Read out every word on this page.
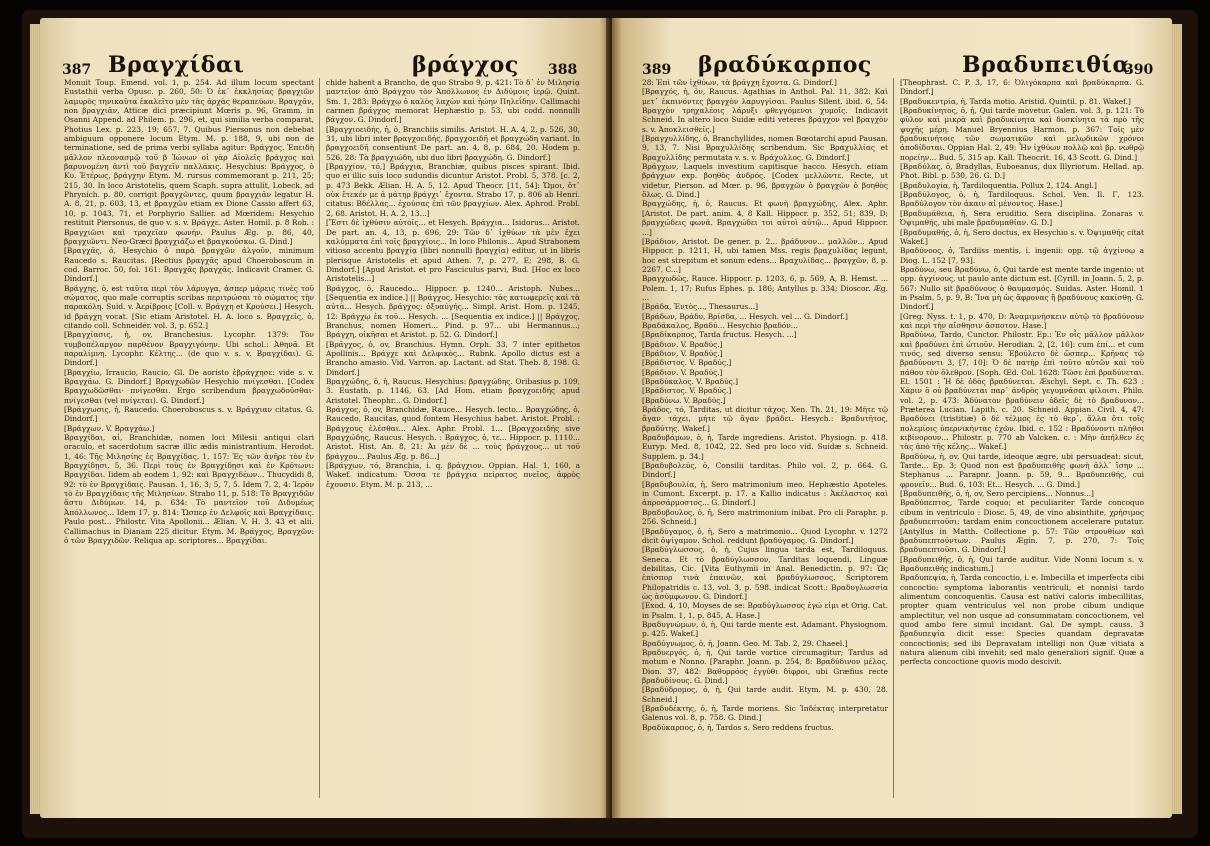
387 Βραγχίδαι	βράγχος 388
Monuit Toup. Emend. vol. 1, p. 254. Ad illum locum spectant Eustathii verba Opusc. p. 260, 50: Ὁ ἐκ᾽ ἐκκλησίας βραγχιῶν λαμυρὸς τηνικαῦτα ἐκαλεῖτο μὲν τὰς ἀρχὰς θεραπεύων. Βραγχᾶν, non βραγχιᾶν, Atticæ dici præcipiunt Mœris p. 96, Gramm. in Osanni Append. ad Philem. p. 296, et, qui similia verba comparat, Photius Lex. p. 223, 19; 657, 7. Quibus Piersonus non debebat ambiguum opponere locum Etym. M. p. 188, 9, ubi non de terminatione, sed de prima verbi syllaba agitur: Βράγχος. Ἐπειδὴ μᾶλλον πλεονασμῷ τοῦ β Ἰώνων οἱ γὰρ Αἰολεῖς βράγχος καὶ βαρυνομένη ἀντὶ τοῦ βαγχεῖν παλλάκις. Hesychius: Βράγχος, ὁ Κυ. Ἐτέρως, βράγχην Εtym. M. rursus commemorant p. 211, 25; 215, 30. In loco Aristotelis, quem Scaph. supra attulit, Lobeck. ad Phrynich. p. 80, corrigit βραγχῶντες, quum βραγχιᾶν legatur H. A. 8, 21, p. 603, 13, et βραγχῶν etiam ex Dione Cassio affert 63, 10, p. 1043, 71, et Porphyrio Sallier. ad Mœridem: Hesychio restituit Piersonus, de quo v. s. v. Βράγχε. Aster. Homil. p. 8 Rob. : Βραγχιῶσι καὶ τραχεῖαν φωνήν. Paulus Æg. p. 86, 40, βραγχιῶντι. Neo-Græci βραγχιάζω et βραγκούσκω. G. Dind.]
[Βραγχᾶς, ὁ, Hesychio ὁ παρὰ βραγχῶν ἀλγοῦν, minimum Raucedo s. Raucitas. [Rectius βραγχᾶς apud Choeroboscum in cod. Barroc. 50, fol. 161: Βραγχᾶς βραγχᾶς. Indicavit Cramer. G. Dindorf.]
Βράγχης, ὁ, est ταῦτα περὶ τὸν λάρυγγα, ἀσπερ μάρεις τινὲς τοῦ σώματος, quo male corruptis scribas περιτρώσαι τὸ σώματος τὴν παρακόλη. Suid. v. Ἀερίβροις [Coll. v. Βράγχη et Κρούσει.] Hesych. id βράγχη vocat. [Sic etiam Aristotel. H. A. loco s. Βραγχεῖς, ὁ, citando coll. Schneidér. vol. 3, p. 652.]
[Βραγχίασις, ἡ, ov, Branchesius. Lycophr. 1379: Τὸν τυμβοπέλαργον παρθένον Βραγχιγόνην. Ubi schol.: Ἀθηνᾶ. Et παραλίμνη. Lycophr. Κέλτης... (de quo v. s. v. Βραγχίδαι). G. Dindorf.]
[Βραγχίω, Irraucio, Raucio, Gl. De aoristo ἐβράγχησε: vide s. v. Βραγχάω. G. Dindorf.] Βραγχωδῶν Hesychio πνίγεσθαι. [Codex Βραγχωδῶσθαι· πνίγεσθαι. Ergo scribendum βραγχωδοῦσθαι· πνίγεσθαι (vel πνίγεται). G. Dindorf.]
[Βράγχωσις, ἡ, Raucedo. Choeroboscus s. v. Βράγχιαν citatus. G. Dindorf.]
[Βράγχων. V. Βραγχάω.]
Βραγχίδαι, αἱ, Branchidæ, nomen loci Milesii antiqui clari oraculo, et sacerdotum sacræ illic ædis ministrantium. Herodot. 1, 46: Τῆς Μιλησίης ἐς Βραγχίδας. 1, 157: Ἐς τῶν ἀνῆρε τὸν ἐν Βραγχίδῃσι. 5, 36. Περὶ τοὺς ἐν Βραγχίδῃσι καὶ ἐν Κρότωνι: Βραγχίδαι. Iidem ab eodem 1, 92: καὶ Βραγχιδέων... Thucydidi 8, 92: τὸ ἐν Βραγχίδαις. Pausan. 1, 16, 3; 5, 7, 5. Idem 7, 2, 4: Ἱερὸν τὸ ἐν Βραγχίδαις τῆς Μιλησίων. Strabo 11, p. 518: Τὸ Βραγχιδῶν ἄστυ Διδύμων. 14, p. 634: Τὸ μαντεῖον τοῦ Διδυμέως Ἀπόλλωνος... Idem 17, p. 814: Ὥσπερ ἐν Δελφοῖς καὶ Βραγχίδαις. Paulo post... Philostr. Vita Apollonii... Ælian. V. H. 3, 43 et alii. Callimachus in Dianam 225 dicitur. Etym. M. Βράγχος, Βραγχῶν: ὁ τῶν Βραγχιδῶν. Reliqua ap. scriptores... Βραγχίδαι.
chide habent a Brancho, de quo Strabo 9, p. 421: Τὸ δ᾽ ἐν Μιλησίᾳ μαντεῖον ἀπὸ Βράγχου τὸν Ἀπόλλωνος ἐν Διδύμοις ἱερῷ. Quint. Sm. 1, 283: Βράγχῳ ὁ καλὸς λαχὼν καὶ ἠώην Πηλεΐδην. Callimachi carmen βράγχος memorat Hephæstio p. 53, ubi codd. nonnulli βάγχον. G. Dindorf.]
[Βραγχιοειδής, ἡ, ὁ, Branchiis similis. Aristot. H. A. 4, 2, p. 526, 30, 31, ubi libri inter βραγχοειδής, βραγχοειδῆ et βραγχώδη variant. In βραγχοειδῆ consentiunt De part. an. 4, 8, p. 684, 20. Hodem p. 526, 28: Τὰ βραγχιώδη, ubi duo libri βραγχώδη. G. Dindorf.]
[Βραγχίον, τό,] Βράγχια, Branchiæ, quibus pisces spirant. Ibid. quo ei illic suis loco sudundis dicuntur Aristot. Probl. 5, 378. [c. 2, p. 473 Bekk. Ælian. H. A. 5, 12. Apud Theocr. [11, 54]: Ὤμοι, ὅτ᾽ οὐκ ἔτεκέν με ἁ μάτηρ βράγχι᾽ ἔχοντα. Strabo 17, p. 806 ab Henri. citatus: Βδέλλας... ἐχούσας ἐπὶ τῶν βραγχίων. Alex. Aphrod. Probl. 2, 68. Aristot. H. A. 2, 13...]
[Ἔστι δὲ ἰχθύσιν αὐτοῖς... et Hesych. Βράγχια... Isidorus... Aristot. De part. an. 4, 13, p. 696, 29: Τῶν δ᾽ ἰχθύων τὰ μὲν ἔχει καλύμματα ἐπὶ τοῖς βραγχίοις... In loco Philonis... Apud Strabonem vitioso accentu βραγχίᾳ (libri nonnulli βραγχία) editur, ut in libris plerisque Aristotelis et apud Athen. 7, p. 277, E; 298, B. G. Dindorf.] [Apud Aristot. et pro Fasciculus parvi, Bud. [Hoc ex loco Aristotelis...]
Βράγχος, ὁ, Raucedo... Hippocr. p. 1240... Aristoph. Nubes... [Sequentia ex indice.] || Βράγχος, Hesychio: τὰς κατωφερεῖς καὶ τὰ αὐτὰ... Hesych. βράγχος: ὀξυαύγής... Simpl. Arist. Hom. p. 1245, 12: Βράγχῳ ἐκ τοῦ... Hesych. ... [Sequentia ex indice.] || Βράγχος, Branchus, nomen Homeri... Pind. p. 97... ubi Hermannus...; Βράγχη, οἰκῆσαι et Aristot. p. 52. G. Dindorf.]
[Βρᾶγχος, ὁ, ov, Branchius. Hymn. Orph. 33, 7 inter epithetos Apollinis... Βράγχε καὶ Δελφικὸς... Rubnk. Apollo dictus est a Brancho amasio. Vid. Varron. ap. Lactant. ad Stat. Theb. 8, 198. G. Dindorf.]
Βραγχώδης, ὁ, ἡ, Raucus. Hesychius: βραγχώδης. Oribasius p. 109, 3. Eustath. p. 1146, 63. [Ad Hom. etiam βραγχοειδής apud Aristotel. Theophr... G. Dindorf.]
Βράγχος, ὁ, ov, Branchidæ, Rauce... Hesych. lecto... Βραγχώδης, ὁ, Raucedo, Raucitas, quod fontem Hesychius habet. Aristot. Probl. : Βράγχους ἐλέσθαι... Alex. Aphr. Probl. 1... [Βραγχοειδής sive Βραγχώδης, Raucus. Hesych. : Βράγχος, ὁ, τε... Hippocr. p. 1110... Aristot. Hist. An. 8, 21: Ἀι μὲν δὲ ... τοὺς βράγχους... ut τοῦ βράγχου... Paulus Æg. p. 86...]
[Βράγχων, τό, Branchia, i. q. βράγχιον. Oppian. Hal. 1, 160, a Wakef. indicatum: Ὅσσα τε βράγχια πείρατος πνεῖος, ἀφρὸς ἔχουσιν. Etym. M. p. 213, ...
389 βραδύκαρπος	Βραδυπειθία
390
28: Ἐπὶ τῶν ἰχθύων, τὰ βράγχη ἔχοντα. G. Dindorf.]
[Βραγχός, ἡ, ὁν, Raucus. Agathias in Anthol. Pal. 11, 382: Καὶ μετ᾽ ἐκπινόντες βραγχὸν λαρυγγίσαι. Paulus Silent. ibid. 6, 54: Βραγχὸν τρηχαλέοις λάρυξι φθεγγόμενοι χυμοῖς. Indicavit Schneid. In altero loco Suidæ editi veteres βράγχον vel βραγχὸν s. v. Ἀποκλεισθεῖς.]
[Βραγχυλλίδης, ὁ, Branchyllides, nomen Bœotarchi apud Pausan. 9, 13, 7. Nisi Βραχυλλίδης scribendum. Sic Βραχυλλίας et Βραχυλλίδης permutata v. s. v. Βράχυλλος. G. Dindorf.]
Βράγχων, Laquels investium capitisque bacco. Hesych. etiam βράγχων exp. βοηθὸς ἀνδρός. [Codex μελλῶντε. Recte, ut videtur, Pierson. ad Mœr. p. 96, βραγχῶν ὁ βραγχῶν ὁ βοηθὸς ὅλως. G. Dind.]
Βραγχώδης, ἡ, ὁ, Raucus. Et φωνὴ βραγχώδης, Alex. Aphr. [Aristot. De part. anim. 4, 8 Kall. Hippocr. p. 352, 51; 839, D; βραγχώδεις φωνά. Βραγχώδει τοι αὐτοὶ αὐτῷ... Apud Hippocr. ...]
[Βράδιον, Aristot. De gener. p. 2... βράδυνον... μαλλῶν... Apud Hippocr. p. 1211, H, ubi tamen Mss. regis βραχυλίδας legunt, hoc est strepitum et sonum edens... Βραχυλίδας... βραγχῶν, 8, p. 2267, C...]
Βραγχωδῶς, Rauce. Hippocr. p. 1203, 6, p. 569, A, B. Hemst. ... Polem. 1, 17; Rufus Ephes. p. 186; Antyllus p. 334; Dioscor. Æg. ...
[Βράδα, Ἐντὸς..., Thesaurus...]
[Βράδων, Βράδυ, Βρίσδα, ... Hesych. vel ... G. Dindorf.]
Βραδάκαλος, Βραδύ... Hesychio βραδόν...
[Βραδίκαρπος, Tarda fructus. Hesych. ...]
[Βράδιον. V. Βραδύς.]
[Βράδιον, V. Βραδύς.]
[Βράδιστος. V. Βραδύς.]
[Βράδιον. V. Βραδύς.]
[Βραδύκαλος. V. Βραδύς.]
[Βράδιστος. V. Βραδύς.]
[Βραδύνω. V. Βραδύς.]
Βράδος, τό, Tarditas, ut dicitur τάχος. Xen. Th. 21, 19: Μήτε τῷ ἄγαν τάχει, μήτε τῷ ἄγαν βράδει. Hesych.: Βραδυτῆτος, βραδύτης. Wakef.]
Βραδυβάμων, ὁ, ἡ, Tarde ingrediens. Aristot. Physiogn. p. 418. Euryp. Med. 8, 1042, 22. Sed pro loco vid. Suidæ s. Schneid. Supplem. p. 34.]
[Βραδυβολεύς, ὁ, Consilii tarditas. Philo vol. 2, p. 664. G. Dindorf.]
[Βραδυβουλία, ἡ, Sero matrimonium ineo. Hephæstio Apoteles. in Cumont. Excerpt. p. 17. a Kallio indicatus : Ἀκέλαστος καὶ ἀπροσάρμοστος... G. Dindorf.]
Βραδυβουλος, ὁ, ἡ, Sero matrimonium inibat. Pro cli Paraphr. p. 256. Schneid.]
[Βραδύγαμος, ὁ, ἡ, Sero a matrimonio... Quod Lycophr. v. 1272 dicit ὀψίγαμον. Schol. reddunt βραδύγαμος. G. Dindorf.]
[Βραδύγλωσσος, ὁ, ἡ, Cujus lingua tarda est, Tardiloquus. Seneca. Et τὸ βραδύγλωσσον, Tarditas loquendi, Linguæ debilitas, Cic. [Vita Euthymii in Anal. Benedictin. p. 97: Ὡς ἐπίσπορ τινὰ ἐπαινῶν, καὶ βραδύγλωσσος. Scriptorem Philopatridis c. 13, vol. 3, p. 598. indicat Scott.: Βραδυγλωσσία ὡς ἀσύμφωνον. G. Dindorf.]
[Exod. 4, 10, Moyses de se: Βραδύγλωσσος ἐγώ εἰμι et Orig. Cat. in Psalm. 1, 1, p. 845, A. Hase.]
Βραδυγνώμων, ὁ, ἡ, Qui tarde mente est. Adamant. Physiognom. p. 425. Wakef.]
Βραδύγνωμος, ὁ, ἡ, Joann. Geo. M. Tab. 2, 29. Chaeel.]
Βραδυεργός, ὁ, ἡ, Qui tarde vortice circumagitur; Tardus ad motum e Nonno. [Paraphr. Joann. p. 254, 8: Βραδύδινον μέλος. Dion. 37, 482: Βαθυρρόος ἐγγύθι δίφροι, ubi Græfius recte βραδυδίνους. G. Dind.]
[Βραδύδρομος, ὁ, ἡ, Qui tarde audit. Etym. M. p. 430, 28. Schneid.]
[Βραδυδέκτης, ὁ, ἡ, Tarde moriens. Sic Ἰπδέκτας interpretatur Galenus vol. 8, p. 758. G. Dind.]
Βραδύκαρπος, ὁ, ἡ, Tardos s. Sero reddens fructus.
[Theophrast. C. P. 3, 17, 6: Ὀλιγόκαρπα καὶ βραδύκαρπα. G. Dindorf.]
[Βραδυκεντρία, ἡ, Tarda motio. Aristid. Quintil. p. 81. Wakef.]
[Βραδυκίνητος, ὁ, ἡ, Qui tarde movetur. Galen. vol. 3, p. 121: Τὸ φῦλον καὶ μικρὰ καὶ βραδυκίνητα καὶ δυσκίνητα τὰ πρὸ τῆς ψυχῆς μέρη. Manuel Bryennius Harmon. p. 367: Τοῖς μὲν βραδυκινήτοις τῶν σωματικῶν καὶ μελῳδικῶν χρόνοι ἀποδίδοται. Oppian Hal. 2, 49: Ἦν ἰχθύων πολλῷ καὶ βρ. νωθρῷ πορείην... Bud. 5, 315 ap. Kall. Theocrit. 16, 43 Scott. G. Dind.]
[Βραδύλας, ὁ, Bradyllas, Euboeanus, dux Illyriorum. Hellad. ap. Phot. Bibl. p. 530, 26. G. D.]
[Βραδυλογία, ἡ, Tardiloquentia. Pollux 2, 124. Angl.]
[Βραδύλογος, ὁ, ἡ, Tardiloquus. Schol. Ven. Il. Γ, 123. Βραδύλογον τὸν ἀκαιν αἱ μένοντος. Hase.]
[Βραδυμάθεια, ἡ, Sera eruditio. Sera disciplina. Zonaras v. Ὀψιμαθής, ubi male βραδυμαθίαν. G. D.]
[Βραδυμαθής, ὁ, ἡ, Sero doctus, ex Hesychio s. v. Ὀψιμαθής citat Wakef.]
Βραδύνοος, ὁ, Tardiiss mentis, i. ingenii: opp. τῷ ἀγχίνοῳ a Diog. L. 152 [7, 93].
Βραδύνω, seu Βραδύνω, ὁ, Qui tarde est mente tarde ingenio: ut opp. ἀγχίνους, ut paulo ante dictum est. [Cyrill. in Joann. 5, 2, p. 567: Nullo sit βραδύνους ὁ θαυμασμός. Suidas. Aster. Homil. 1 in Psalm. 5, p. 9, B: Ἴνα μὴ ὡς ἄφρονας ἢ βραδύνους κακίσθῃ. G. Dindorf.]
[Greg. Nyss. t. 1, p. 470, D: Ἀναμιμνήσκειν αὐτῷ τὸ βραδύνουν καὶ περὶ τὴν αἴσθησιν ἄσποτον. Hase.]
Βραδύνω, Tardo, Cunctor. Philostr. Ep.: Ἐν οἷς μᾶλλον μᾶλλον καὶ βραδύνει ἐπὶ ὠτιοῦν. Herodian. 2, [2, 16]: cum ἐπί... et cum τινός, sed diverso sensu: Ἐβούλετο δὲ ὥσπερ... Κρῆνας τῷ βραδύνοντι 3, [7, 10]: Ὁ δὲ πατὴρ ἐπὶ τοῦτο αὐτῶν καὶ τοῦ πάθου τὸν ὄλεθρον. [Soph. Œd. Col. 1628: Τῶσε ἐπὶ βραδύνεται. El. 1501 : Ἡ δὲ ὁδὸς βραδύνεται. Æschyl. Sept. c. Th. 623 : Χάριν ὃ οὐ βραδύνεται παρ᾽ ἀνδρὸς γεγυμνᾶσαι φίλοισι. Philo. vol. 2, p. 473: Ἀδύνατον βραδύνειν ὀδεῖς δὲ τὸ βραδυνον... Præterea Lucian. Lapith. c. 20. Schneid. Appian. Civil. 4, 47: Βραδύνει (tristitiæ) ὃ δὲ τέλμος ἐς τὸ θερ᾽, ἄλλα ὅτι τοῖς πολεμίοις ὑπερνικήντας ἐχῶν. Ibid. c. 152 : Βραδύνοντι πλήθοι κιβίνορουν... Philostr. p. 770 ab Valcken. c. : Μὴν ἀπήλθεν ἐς τὰς ἀπὸ τῆς κέλης... Wakef.]
Βραδύνω, ἡ, ov, Qui tarde, ideoque ægre, ubi persuadeat: sicut, Tarde... Ep. 3; Quod non est βραδυπειθὴς φωνὴ ἀλλ᾽ ἴσην ... Stephanus ... Parapnr. Joann. p. 59, 9... Βραδυπειθής, cui φρονεῖν... Bud. 6, 103: Et... Hesych. ... G. Dind.]
[Βραδυπειθής, ὁ, ἡ, ov, Sero percipiens... Nonnus...]
Βραδύπεπτος, Tarde coquo; et peculiariter Tarde concoquo cibum in ventriculo : Diosc. 5, 49, de vino absinthite, χρήσιμος βραδυπεπτοῦσι: tardam enim concoctionem accelerare putatur. [Antyllus in Matth. Collectione p. 57: Τῶν στρουθίων καὶ βραδυπεπτούντων. Paulus Ægin. 7, p. 270, 7: Τοῖς βραδυπεπτοῦσι. G. Dindorf.]
[Βραδυπειθής, ὁ, ἡ, Qui tarde auditur. Vide Nonni locum s. v. Βραδυπειθής indicatum.]
Βραδυπεψία, ἡ, Tarda concoctio, i. e. Imbecilla et imperfecta cibi concoctio: symptoma laborantis ventriculi, et nonnisi tardo alimentum concoquentis. Causa est natívi caloris imbecillitas, propter quam ventriculus vel non probe cibum undique amplectitur, vel non usque ad consummatam concoctionem, vel quod ambo fere simul incidant. Gal. De sympt. causs. 3 βραδυπεψία dicit esse: Species quandam depravatæ concoctionis; sed ibi Depravatam intelligi non Quæ vitiata a natura alienum cibi invehit; sed malo generaliori signif. Quæ a perfecta concoctione quovis modo descivit.
